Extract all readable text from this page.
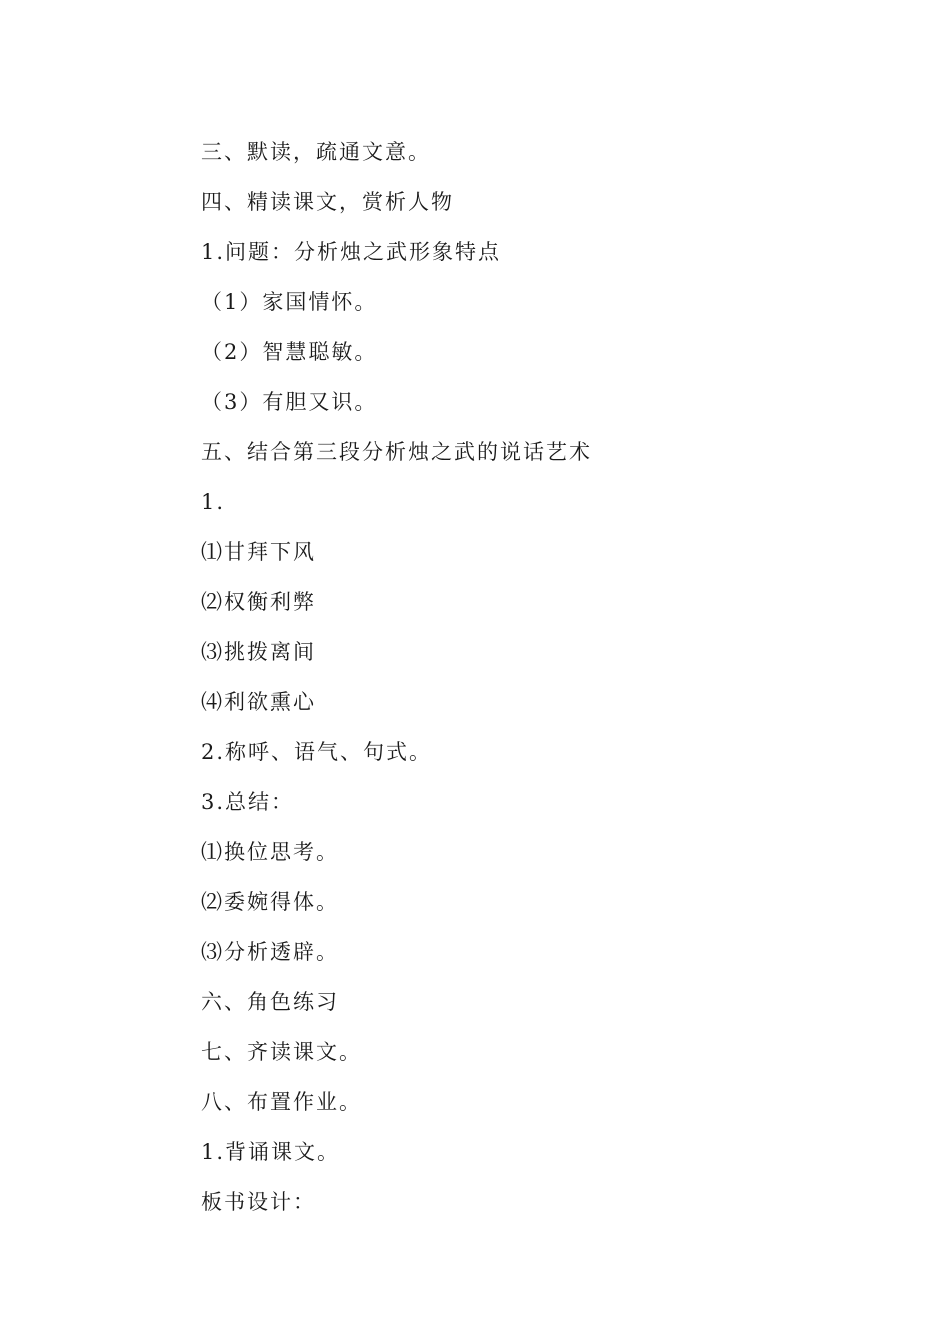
三、默读，疏通文意。
四、精读课文，赏析人物
1.问题：分析烛之武形象特点
（1）家国情怀。
（2）智慧聪敏。
（3）有胆又识。
五、结合第三段分析烛之武的说话艺术
1.
⑴甘拜下风
⑵权衡利弊
⑶挑拨离间
⑷利欲熏心
2.称呼、语气、句式。
3.总结：
⑴换位思考。
⑵委婉得体。
⑶分析透辟。
六、角色练习
七、齐读课文。
八、布置作业。
1.背诵课文。
板书设计：
